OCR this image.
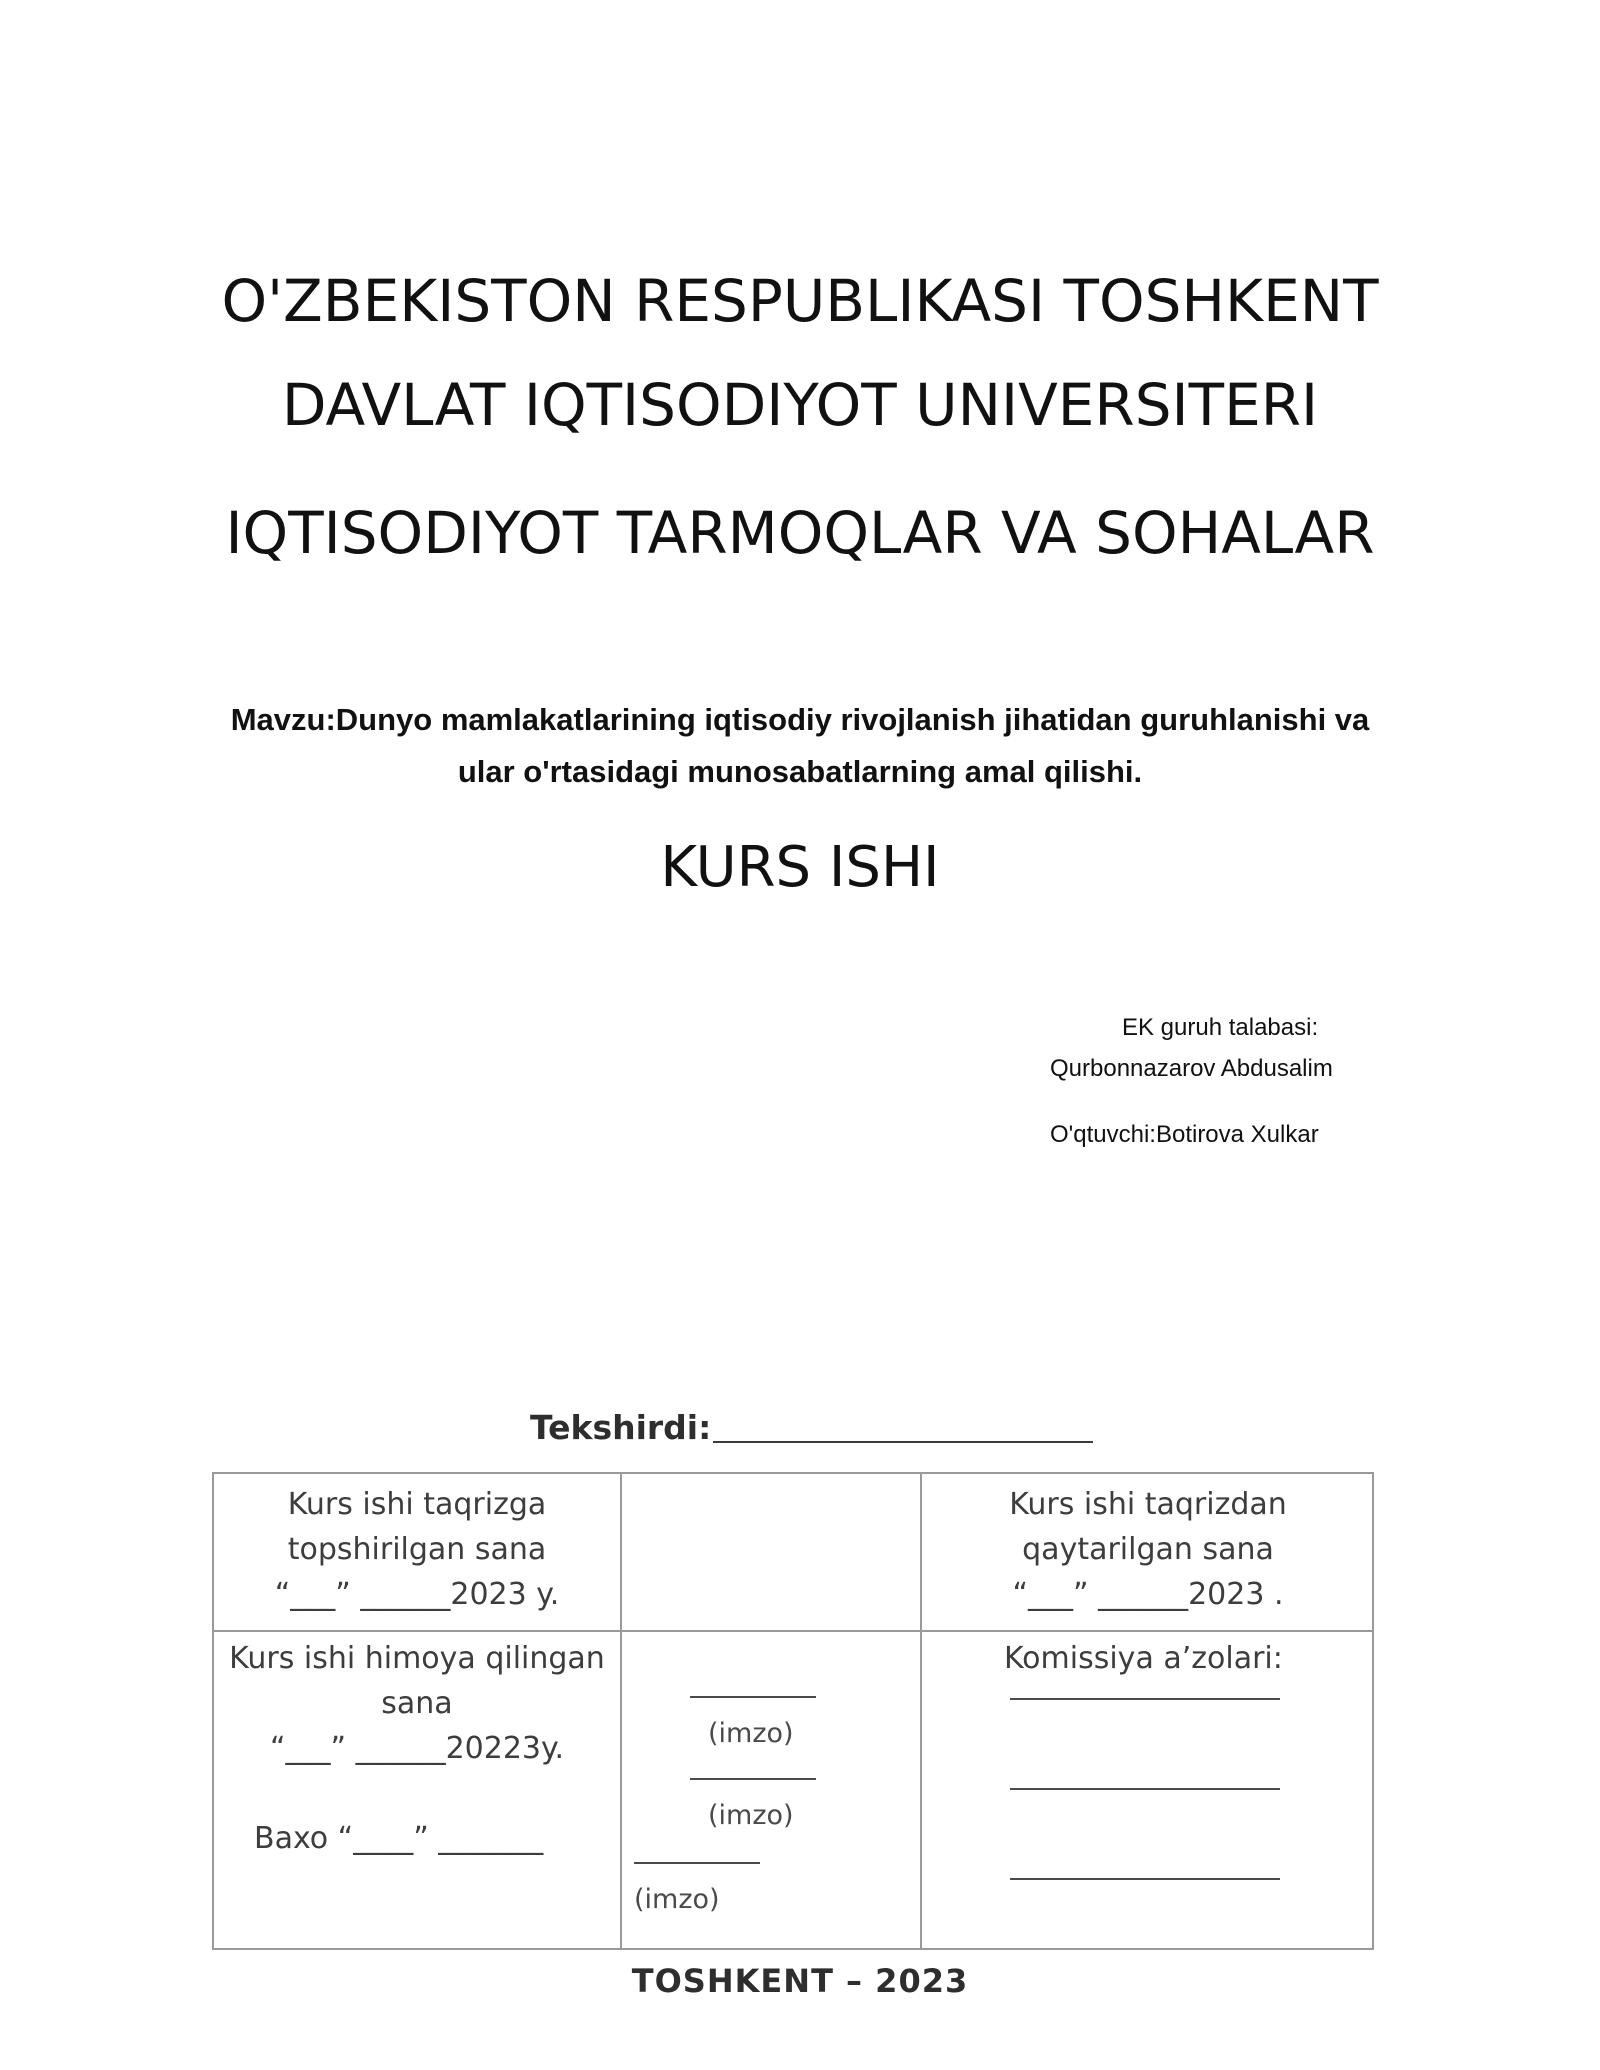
O'ZBEKISTON RESPUBLIKASI TOSHKENT
DAVLAT IQTISODIYOT UNIVERSITERI
IQTISODIYOT TARMOQLAR VA SOHALAR
Mavzu:Dunyo mamlakatlarining iqtisodiy rivojlanish jihatidan guruhlanishi va
ular o'rtasidagi munosabatlarning amal qilishi.
KURS ISHI
EK guruh talabasi:
Qurbonnazarov Abdusalim
O'qtuvchi:Botirova Xulkar
Tekshirdi:
Kurs ishi taqrizga
topshirilgan sana
“___” ______2023 y.
Kurs ishi taqrizdan
qaytarilgan sana
“___” ______2023 .
Kurs ishi himoya qilingan
sana
“___” ______20223y.
Baxo “____” _______
(imzo)
(imzo)
(imzo)
Komissiya a’zolari:
TOSHKENT – 2023
